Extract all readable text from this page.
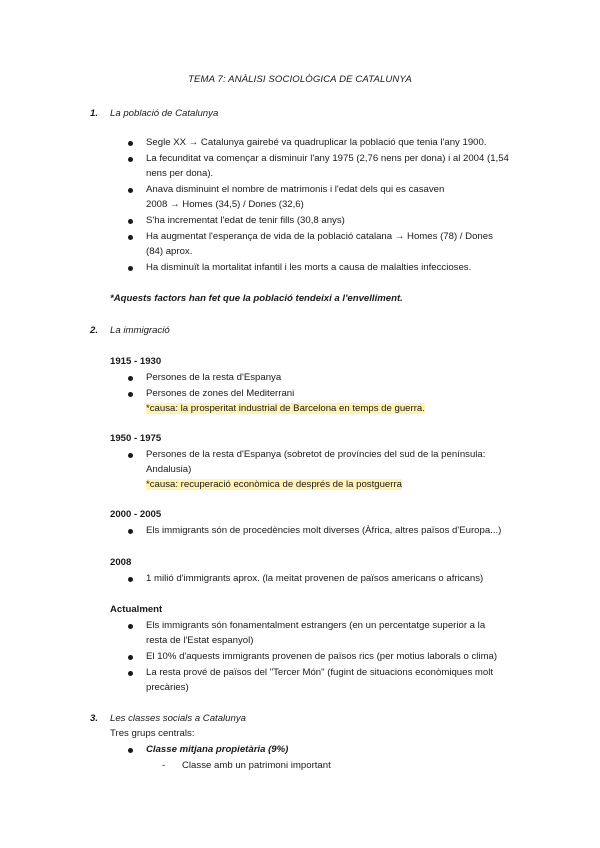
TEMA 7: ANÀLISI SOCIOLÒGICA DE CATALUNYA
1. La població de Catalunya
Segle XX → Catalunya gairebé va quadruplicar la població que tenia l'any 1900.
La fecunditat va començar a disminuir l'any 1975 (2,76 nens per dona) i al 2004 (1,54
nens per dona).
Anava disminuint el nombre de matrimonis i l'edat dels qui es casaven
2008 → Homes (34,5) / Dones (32,6)
S'ha incrementat l'edat de tenir fills (30,8 anys)
Ha augmentat l'esperança de vida de la població catalana → Homes (78) / Dones
(84) aprox.
Ha disminuït la mortalitat infantil i les morts a causa de malalties infeccioses.
*Aquests factors han fet que la població tendeixi a l'envelliment.
2. La immigració
1915 - 1930
Persones de la resta d'Espanya
Persones de zones del Mediterrani
*causa: la prosperitat industrial de Barcelona en temps de guerra.
1950 - 1975
Persones de la resta d'Espanya (sobretot de províncies del sud de la península:
Andalusia)
*causa: recuperació econòmica de després de la postguerra
2000 - 2005
Els immigrants són de procedències molt diverses (Àfrica, altres països d'Europa...)
2008
1 milió d'immigrants aprox. (la meitat provenen de països americans o africans)
Actualment
Els immigrants són fonamentalment estrangers (en un percentatge superior a la
resta de l'Estat espanyol)
El 10% d'aquests immigrants provenen de països rics (per motius laborals o clima)
La resta prové de països del "Tercer Món" (fugint de situacions econòmiques molt
precàries)
3. Les classes socials a Catalunya
Tres grups centrals:
Classe mitjana propietària (9%)
- Classe amb un patrimoni important
